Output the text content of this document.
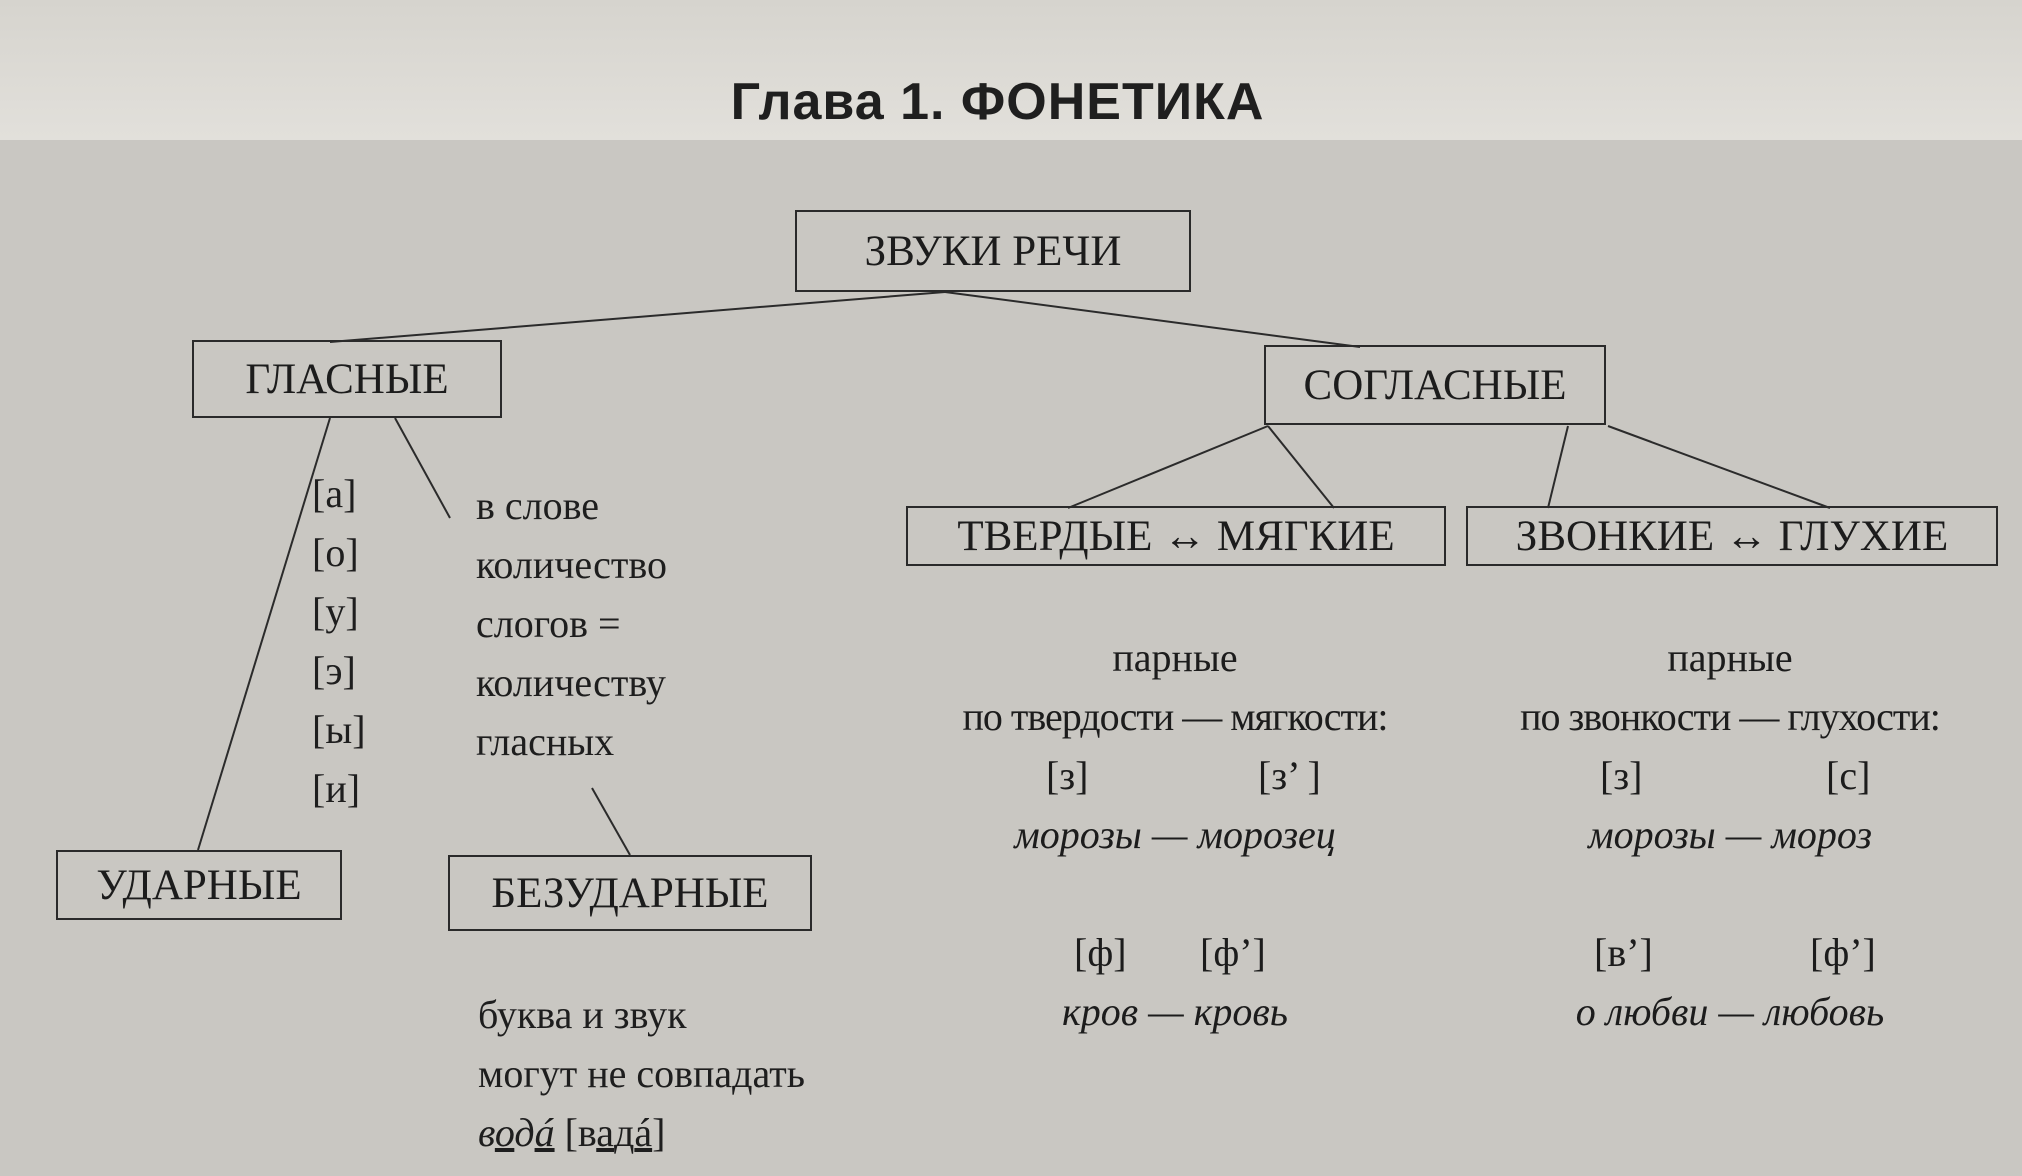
Глава 1. ФОНЕТИКА
ЗВУКИ РЕЧИ
ГЛАСНЫЕ	СОГЛАСНЫЕ
УДАРНЫЕ	БЕЗУДАРНЫЕ
ТВЕРДЫЕ ↔ МЯГКИЕ	ЗВОНКИЕ ↔ ГЛУХИЕ
[а]
[о]
[у]
[э]
[ы]
[и]
в слове
количество
слогов =
количеству
гласных
буква и звук
могут не совпадать
водá [вадá]
парные
по твердости — мягкости:
[з]	[з’ ]
морозы — морозец
[ф] [ф’]
кров — кровь
парные
по звонкости — глухости:
[з]	[с]
морозы — мороз
[в’]	[ф’]
о любви — любовь
